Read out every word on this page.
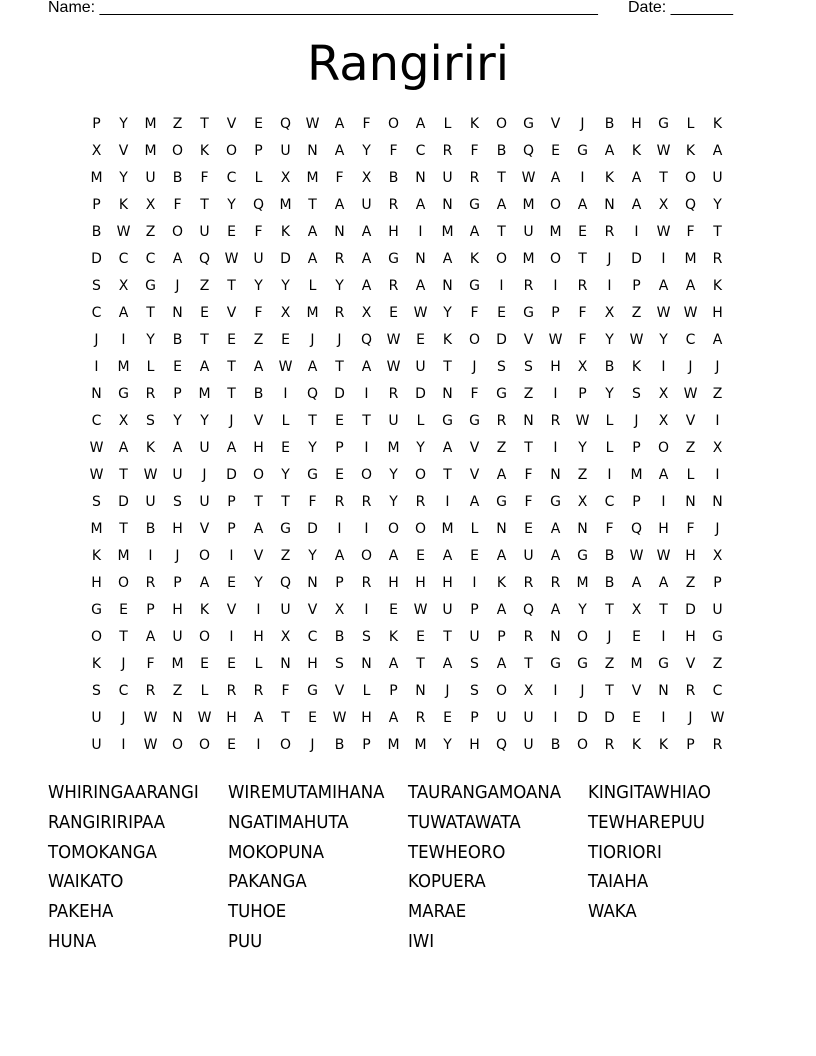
Name: ________________________________________________________ Date: _______
Rangiriri
P	Y	M	Z	T	V	E	Q	W	A	F	O	A	L	K	O	G	V	J	B	H	G	L	K
X	V	M	O	K	O	P	U	N	A	Y	F	C	R	F	B	Q	E	G	A	K	W	K	A
M	Y	U	B	F	C	L	X	M	F	X	B	N	U	R	T	W	A	I	K	A	T	O	U
P	K	X	F	T	Y	Q	M	T	A	U	R	A	N	G	A	M	O	A	N	A	X	Q	Y
B	W	Z	O	U	E	F	K	A	N	A	H	I	M	A	T	U	M	E	R	I	W	F	T
D	C	C	A	Q	W	U	D	A	R	A	G	N	A	K	O	M	O	T	J	D	I	M	R
S	X	G	J	Z	T	Y	Y	L	Y	A	R	A	N	G	I	R	I	R	I	P	A	A	K
C	A	T	N	E	V	F	X	M	R	X	E	W	Y	F	E	G	P	F	X	Z	W W	H
J	I	Y	B	T	E	Z	E	J	J	Q	W	E	K	O	D	V	W	F	Y	W	Y	C	A
I	M	L	E	A	T	A	W	A	T	A	W	U	T	J	S	S	H	X	B	K	I	J	J
N	G	R	P	M	T	B	I	Q	D	I	R	D	N	F	G	Z	I	P	Y	S	X	W	Z
C	X	S	Y	Y	J	V	L	T	E	T	U	L	G	G	R	N	R	W	L	J	X	V	I
W	A	K	A	U	A	H	E	Y	P	I	M	Y	A	V	Z	T	I	Y	L	P	O	Z	X
W	T	W	U	J	D	O	Y	G	E	O	Y	O	T	V	A	F	N	Z	I	M	A	L	I
S	D	U	S	U	P	T	T	F	R	R	Y	R	I	A	G	F	G	X	C	P	I	N	N
M	T	B	H	V	P	A	G	D	I	I	O	O	M	L	N	E	A	N	F	Q	H	F	J
K	M	I	J	O	I	V	Z	Y	A	O	A	E	A	E	A	U	A	G	B	W W	H	X
H	O	R	P	A	E	Y	Q	N	P	R	H	H	H	I	K	R	R	M	B	A	A	Z	P
G	E	P	H	K	V	I	U	V	X	I	E	W	U	P	A	Q	A	Y	T	X	T	D	U
O	T	A	U	O	I	H	X	C	B	S	K	E	T	U	P	R	N	O	J	E	I	H	G
K	J	F	M	E	E	L	N	H	S	N	A	T	A	S	A	T	G	G	Z	M	G	V	Z
S	C	R	Z	L	R	R	F	G	V	L	P	N	J	S	O	X	I	J	T	V	N	R	C
U	J	W	N	W	H	A	T	E	W	H	A	R	E	P	U	U	I	D	D	E	I	J	W
U	I	W	O	O	E	I	O	J	B	P	M	M	Y	H	Q	U	B	O	R	K	K	P	R
WHIRINGAARANGI	WIREMUTAMIHANA	TAURANGAMOANA	KINGITAWHIAO
RANGIRIRIPAA	NGATIMAHUTA	TUWATAWATA	TEWHAREPUU
TOMOKANGA	MOKOPUNA	TEWHEORO	TIORIORI
WAIKATO	PAKANGA	KOPUERA	TAIAHA
PAKEHA	TUHOE	MARAE	WAKA
HUNA	PUU	IWI
